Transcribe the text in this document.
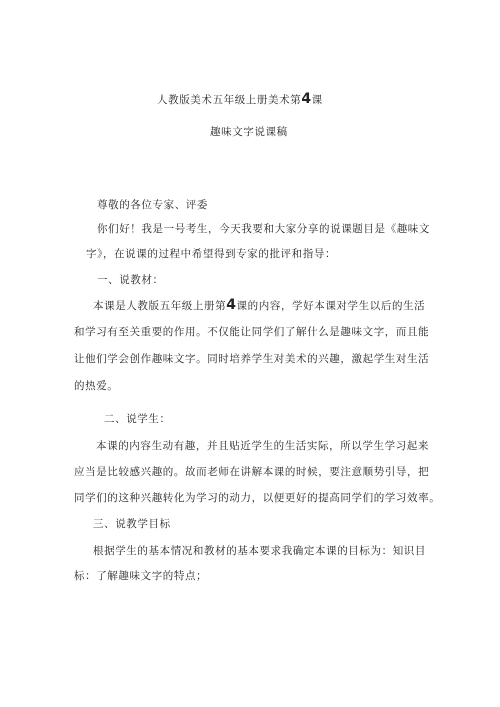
人教版美术五年级上册美术第4课
趣味文字说课稿
尊敬的各位专家、评委
你们好！我是一号考生，今天我要和大家分享的说课题目是《趣味文
字》，在说课的过程中希望得到专家的批评和指导：
一、说教材：
本课是人教版五年级上册第4课的内容，学好本课对学生以后的生活
和学习有至关重要的作用。不仅能让同学们了解什么是趣味文字，而且能
让他们学会创作趣味文字。同时培养学生对美术的兴趣，激起学生对生活
的热爱。
二、说学生：
本课的内容生动有趣，并且贴近学生的生活实际，所以学生学习起来
应当是比较感兴趣的。故而老师在讲解本课的时候，要注意顺势引导，把
同学们的这种兴趣转化为学习的动力，以便更好的提高同学们的学习效率。
三、说教学目标
根据学生的基本情况和教材的基本要求我确定本课的目标为：知识目
标：了解趣味文字的特点；
